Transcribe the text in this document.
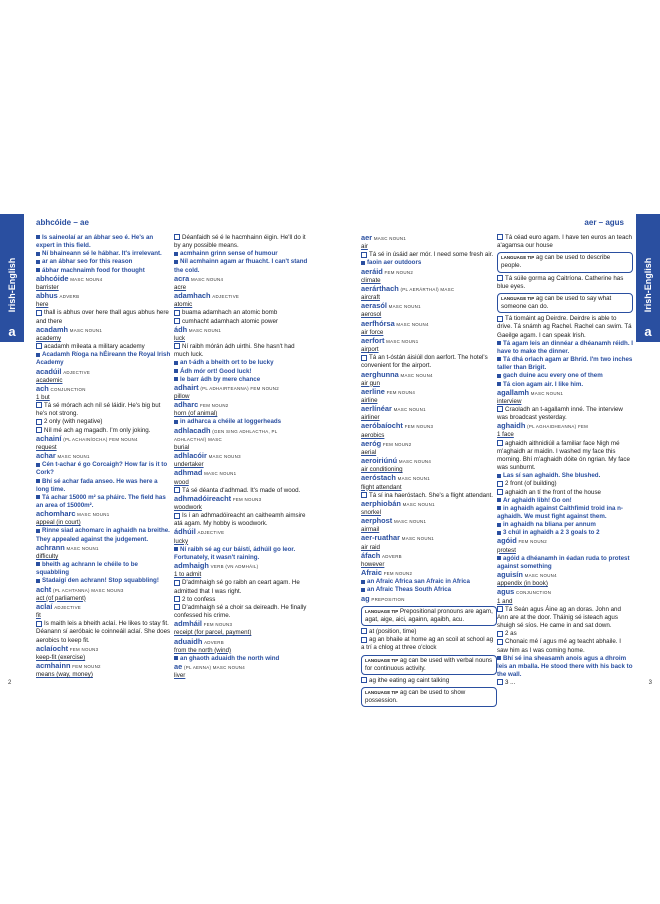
Irish-English	Irish-English
a	a
abhcóide – ae	aer – agus

Is saineolaí ar an ábhar seo é. He's an expert in this field.

Ní bhaineann sé le hábhar. It's irrelevant.

ar an ábhar seo for this reason

ábhar machnaimh food for thought

abhcóide MASC NOUN4
barrister

abhus ADVERB
here

thall is abhus over here thall agus abhus here and there

acadamh MASC NOUN1
academy

acadamh míleata a military academy

Acadamh Ríoga na hÉireann the Royal Irish Academy

acadúil ADJECTIVE
academic

ach CONJUNCTION
1 but

Tá sé mórach ach níl sé láidir. He's big but he's not strong.

2 only (with negative)

Níl mé ach ag magadh. I'm only joking.

achainí (PL ACHAINÍOCHA) FEM NOUN4
request

achar MASC NOUN1

Cén t-achar é go Corcaigh? How far is it to Cork?

Bhí sé achar fada anseo. He was here a long time.

Tá achar 15000 m² sa pháirc. The field has an area of 15000m².

achomharc MASC NOUN1
appeal (in court)

Rinne siad achomarc in aghaidh na breithe. They appealed against the judgement.

achrann MASC NOUN1
difficulty

bheith ag achrann le chéile to be squabbling

Stadaigí den achrann! Stop squabbling!

acht (PL ACHTANNA) MASC NOUN3
act (of parliament)

aclaí ADJECTIVE
fit

Is maith leis a bheith aclaí. He likes to stay fit. Déanann sí aeróbaic le coinneáil aclaí. She does aerobics to keep fit.

aclaíocht FEM NOUN3
keep-fit (exercise)

acmhainn FEM NOUN2
means (way, money)

Déanfaidh sé é le hacmhainn éigin. He'll do it by any possible means.

acmhainn grinn sense of humour

Níl acmhainn agam ar fhuacht. I can't stand the cold.

acra MASC NOUN4
acre

adamhach ADJECTIVE
atomic

buama adamhach an atomic bomb

cumhacht adamhach atomic power

ádh MASC NOUN1
luck

Ní raibh mórán ádh uirthi. She hasn't had much luck.

an t-ádh a bheith ort to be lucky

Ádh mór ort! Good luck!

le barr ádh by mere chance

adhairt (PL ADHAIRTEANNA) FEM NOUN2
pillow

adharc FEM NOUN2
horn (of animal)

in adharca a chéile at loggerheads

adhlacadh (GEN SING ADHLACTHA, PL ADHLACTHAÍ) MASC
burial

adhlacóir MASC NOUN3
undertaker

adhmad MASC NOUN1
wood

Tá sé déanta d'adhmad. It's made of wood.

adhmadóireacht FEM NOUN3
woodwork

Is í an adhmadóireacht an caitheamh aimsire atá agam. My hobby is woodwork.

ádhúil ADJECTIVE
lucky

Ní raibh sé ag cur báistí, ádhúil go leor. Fortunately, it wasn't raining.

admhaigh VERB (VN ADMHÁIL)
1 to admit

D'admhaigh sé go raibh an ceart agam. He admitted that I was right.

2 to confess

D'admhaigh sé a choir sa deireadh. He finally confessed his crime.

admháil FEM NOUN3
receipt (for parcel, payment)

aduaidh ADVERB
from the north (wind)

an ghaoth aduaidh the north wind

ae (PL AENNA) MASC NOUN4
liver

aer MASC NOUN1
air

Tá sé in úsáid aer mór. I need some fresh air.

faoin aer outdoors

aeráid FEM NOUN2
climate

aerárthach (PL AERÁRTHAÍ) MASC
aircraft

aerasól MASC NOUN1
aerosol

aerfhórsa MASC NOUN4
air force

aerfort MASC NOUN1
airport

Tá an t-óstán áisiúil don aerfort. The hotel's convenient for the airport.

aerghunna MASC NOUN4
air gun

aerline FEM NOUN4
airline

aerlínéar MASC NOUN1
airliner

aeróbaíocht FEM NOUN3
aerobics

aeróg FEM NOUN2
aerial

aeroiriúnú MASC NOUN4
air conditioning

aeróstach MASC NOUN1
flight attendant

Tá sí ina haeróstach. She's a flight attendant.

aerphiobán MASC NOUN1
snorkel

aerphost MASC NOUN1
airmail

aer-ruathar MASC NOUN1
air raid

áfach ADVERB
however

Afraic FEM NOUN2

an Afraic Africa san Afraic in Africa

an Afraic Theas South Africa

ag PREPOSITION

LANGUAGE TIP Prepositional pronouns are agam, agat, aige, aici, againn, agaibh, acu.

at (position, time)

ag an bhaile at home ag an scoil at school ag a trí a chlog at three o'clock

LANGUAGE TIP ag can be used with verbal nouns for continuous activity.

ag ithe eating ag caint talking

LANGUAGE TIP ag can be used to show possession.

Tá céad euro agam. I have ten euros an teach a'agamsa our house

LANGUAGE TIP ag can be used to describe people.

Tá súile gorma ag Caitríona. Catherine has blue eyes.

LANGUAGE TIP ag can be used to say what someone can do.

Tá tiomáint ag Deirdre. Deirdre is able to drive. Tá snámh ag Rachel. Rachel can swim. Tá Gaeilge agam. I can speak Irish.

Tá agam leis an dinnéar a dhéanamh réidh. I have to make the dinner.

Tá dhá orlach agam ar Bhríd. I'm two inches taller than Brigit.

gach duine acu every one of them

Tá cion agam air. I like him.

agallamh MASC NOUN1
interview

Craoladh an t-agallamh inné. The interview was broadcast yesterday.

aghaidh (PL AGHAIDHEANNA) FEM
1 face

aghaidh aithnidiúil a familiar face Nigh mé m'aghaidh ar maidin. I washed my face this morning. Bhí m'aghaidh dóite ón ngrian. My face was sunburnt.

Las sí san aghaidh. She blushed.

2 front (of building)

aghaidh an tí the front of the house

Ar aghaidh libh! Go on!

in aghaidh against Caithfimid troid ina n-aghaidh. We must fight against them.

in aghaidh na bliana per annum

3 chúl in aghaidh a 2 3 goals to 2

agóid FEM NOUN2
protest

agóid a dhéanamh in éadan ruda to protest against something

aguisín MASC NOUN4
appendix (in book)

agus CONJUNCTION
1 and

Tá Seán agus Áine ag an doras. John and Ann are at the door. Tháinig sé isteach agus shuigh sé síos. He came in and sat down.

2 as

Chonaic mé í agus mé ag teacht abhaile. I saw him as I was coming home.

Bhí sé ina sheasamh anois agus a dhroim leis an mballa. He stood there with his back to the wall.

3 ...

2	3
